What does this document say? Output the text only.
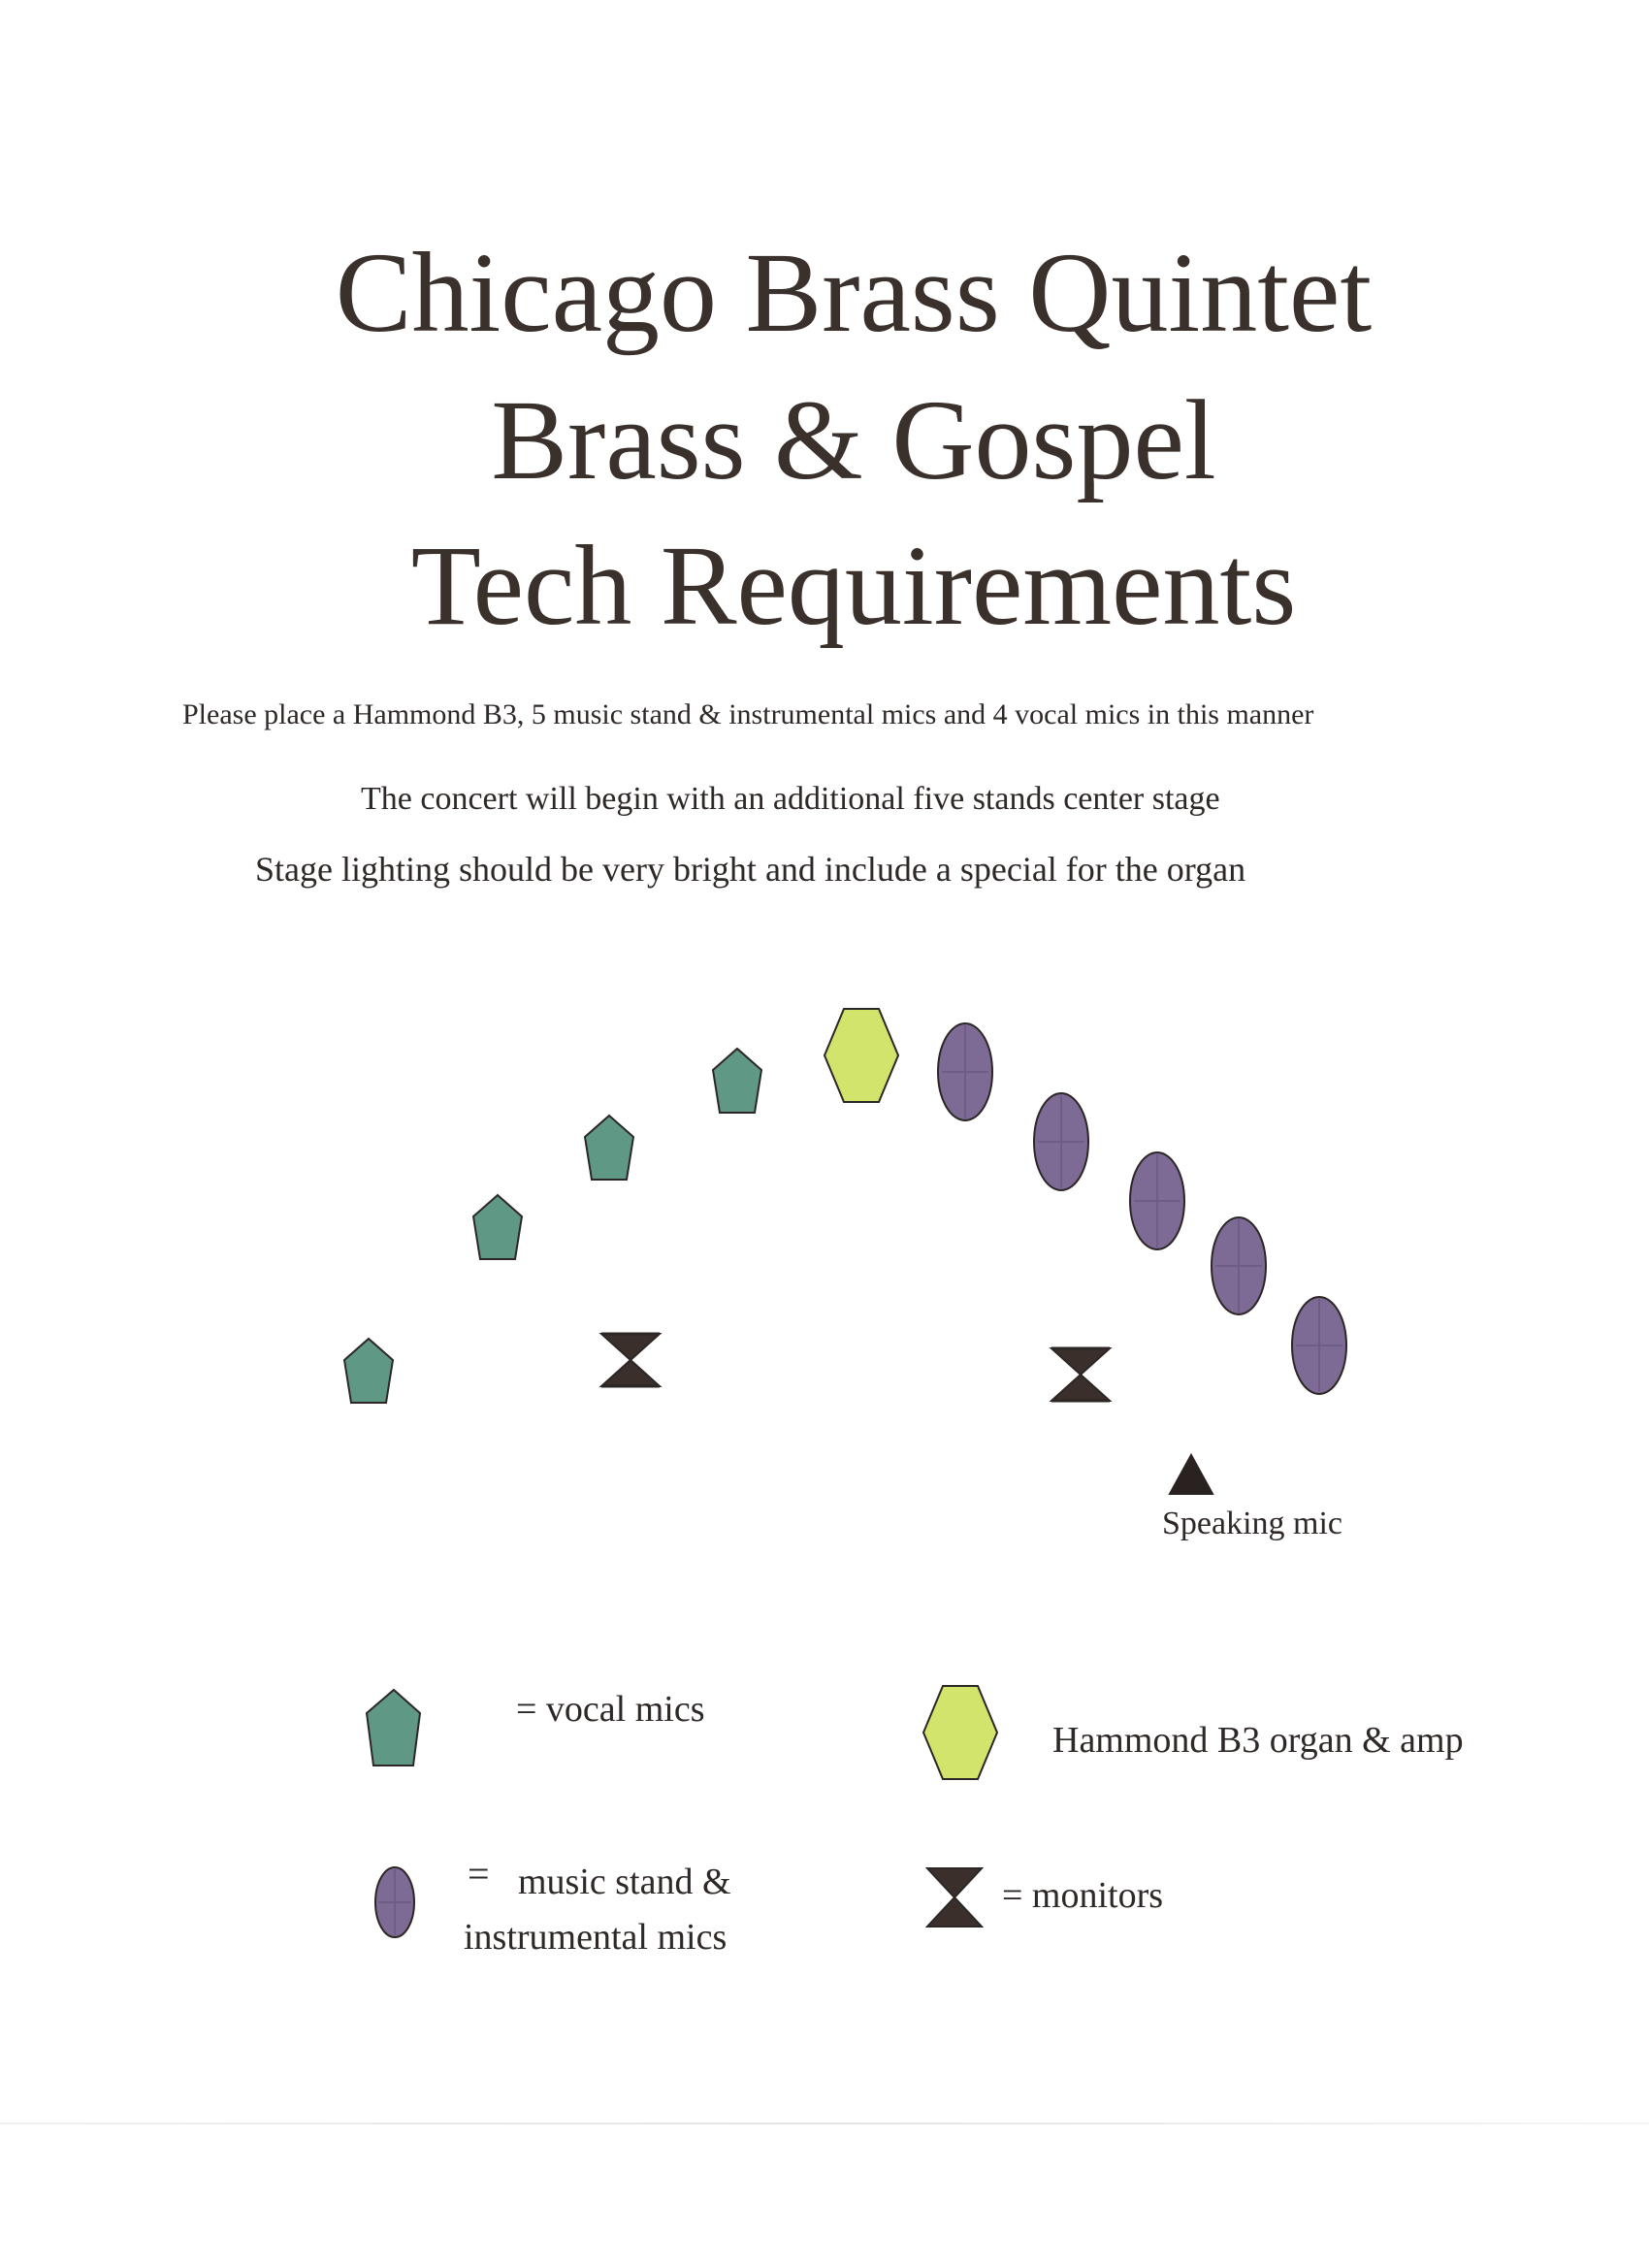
Chicago Brass Quintet
Brass & Gospel
Tech Requirements
Please place a Hammond B3, 5 music stand & instrumental mics and 4 vocal mics in this manner
The concert will begin with an additional five stands center stage
Stage lighting should be very bright and include a special for the organ
Speaking mic
= vocal mics
Hammond B3 organ & amp
= music stand &
instrumental mics
= monitors
